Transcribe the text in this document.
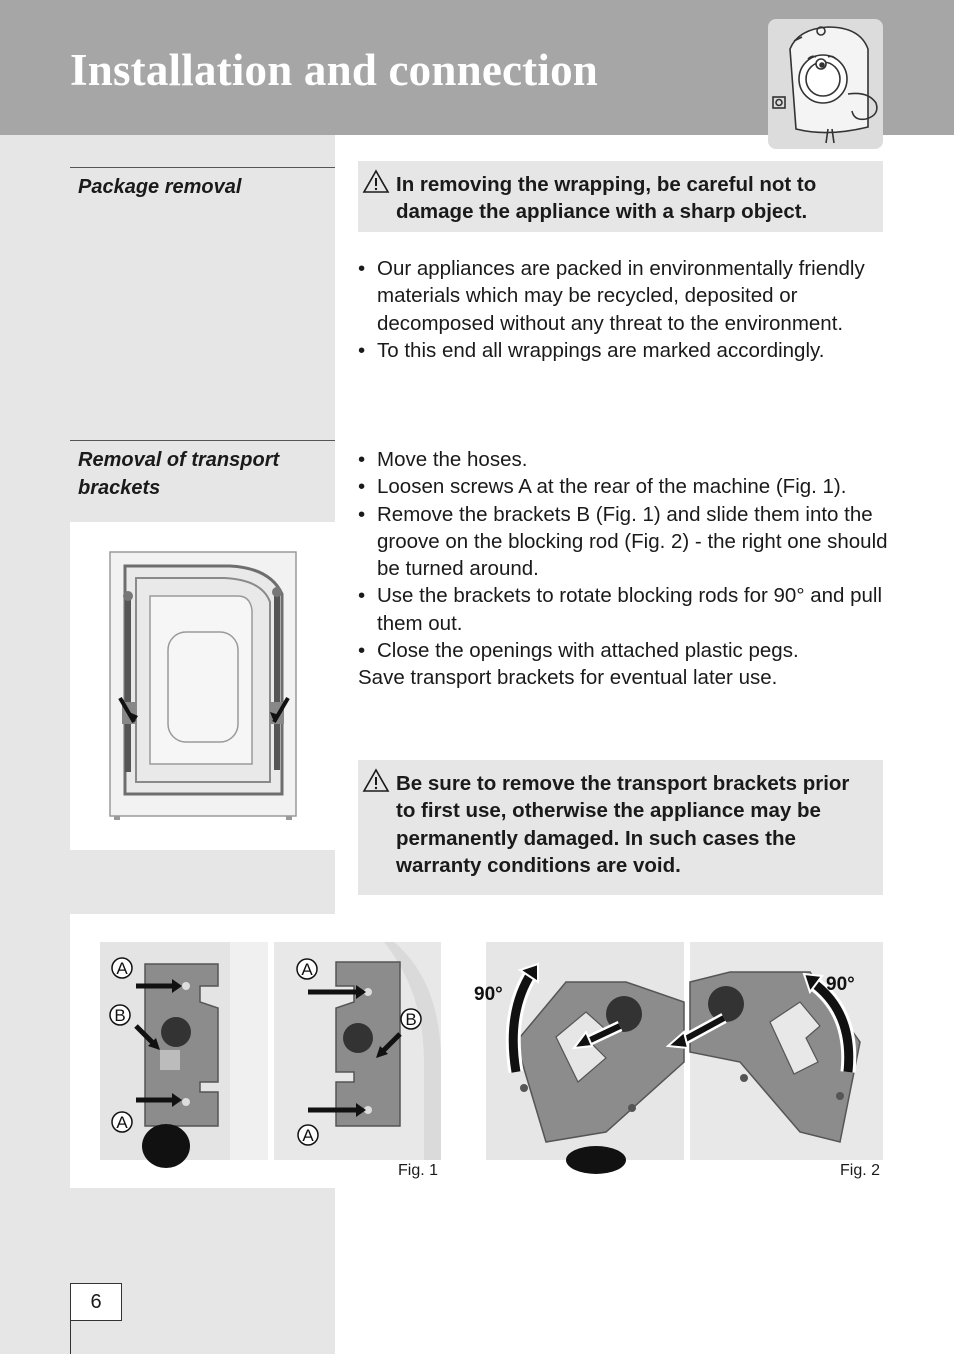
Installation and connection
Package removal	In removing the wrapping, be careful not to damage the appliance with a sharp object.
• Our appliances are packed in environmentally friendly materials which may be recycled, deposited or decomposed without any threat to the environment.
• To this end all wrappings are marked accordingly.
Removal of transport brackets
• Move the hoses.
• Loosen screws A at the rear of the machine (Fig. 1).
• Remove the brackets B (Fig. 1) and slide them into the groove on the blocking rod (Fig. 2) - the right one should be turned around.
• Use the brackets to rotate blocking rods for 90° and pull them out.
• Close the openings with attached plastic pegs.
Save transport brackets for eventual later use.
Be sure to remove the transport brackets prior to first use, otherwise the appliance may be permanently damaged. In such cases the warranty conditions are void.
A
B
A
A
B
A
Fig. 1
90°	90°
Fig. 2
6
